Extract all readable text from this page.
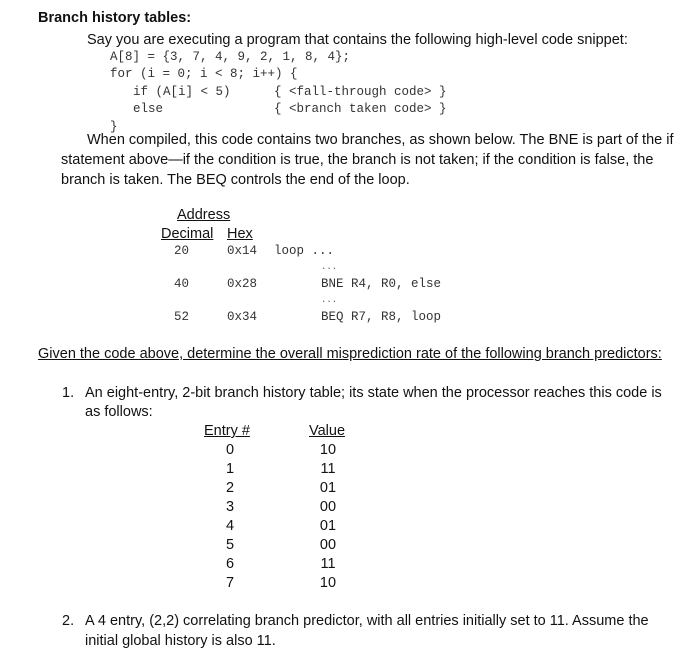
Branch history tables:
Say you are executing a program that contains the following high-level code snippet:
A[8] = {3, 7, 4, 9, 2, 1, 8, 4};
for (i = 0; i < 8; i++) {
if (A[i] < 5)	{ <fall-through code> }
else	{ <branch taken code> }
}
When compiled, this code contains two branches, as shown below. The BNE is part of the if
statement above—if the condition is true, the branch is not taken; if the condition is false, the
branch is taken. The BEQ controls the end of the loop.
Address
Decimal Hex
20	0x14 loop ...
...
40	0x28	BNE R4, R0, else
...
52	0x34	BEQ R7, R8, loop
Given the code above, determine the overall misprediction rate of the following branch predictors:
1. An eight-entry, 2-bit branch history table; its state when the processor reaches this code is
as follows:
Entry #	Value
0	10
1	11
2	01
3	00
4	01
5	00
6	11
7	10
2. A 4 entry, (2,2) correlating branch predictor, with all entries initially set to 11. Assume the
initial global history is also 11.
